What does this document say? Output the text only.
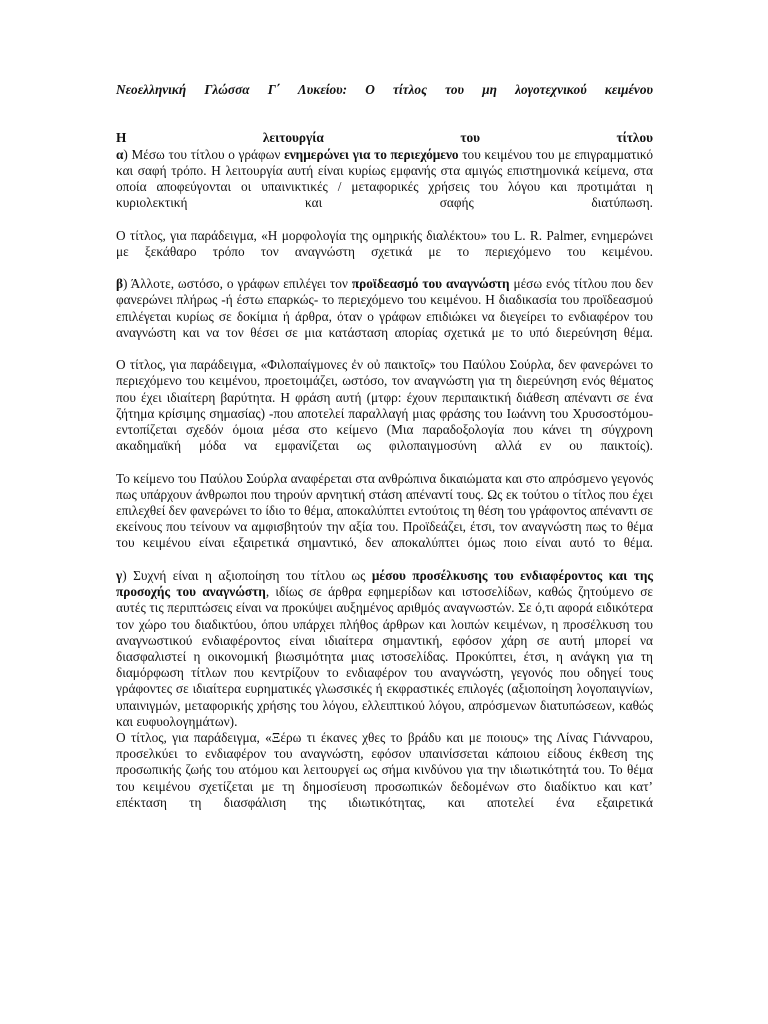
Νεοελληνική Γλώσσα Γ΄ Λυκείου: Ο τίτλος του μη λογοτεχνικού κειμένου
Η	λειτουργία	του	τίτλου

α) Μέσω του τίτλου ο γράφων ενημερώνει για το περιεχόμενο του κειμένου του με επιγραμματικό και σαφή τρόπο. Η λειτουργία αυτή είναι κυρίως εμφανής στα αμιγώς επιστημονικά κείμενα, στα οποία αποφεύγονται οι υπαινικτικές / μεταφορικές χρήσεις του λόγου και προτιμάται η κυριολεκτική και σαφής διατύπωση.

Ο τίτλος, για παράδειγμα, «Η μορφολογία της ομηρικής διαλέκτου» του L. R. Palmer, ενημερώνει με ξεκάθαρο τρόπο τον αναγνώστη σχετικά με το περιεχόμενο του κειμένου.

β) Άλλοτε, ωστόσο, ο γράφων επιλέγει τον προϊδεασμό του αναγνώστη μέσω ενός τίτλου που δεν φανερώνει πλήρως -ή έστω επαρκώς- το περιεχόμενο του κειμένου. Η διαδικασία του προϊδεασμού επιλέγεται κυρίως σε δοκίμια ή άρθρα, όταν ο γράφων επιδιώκει να διεγείρει το ενδιαφέρον του αναγνώστη και να τον θέσει σε μια κατάσταση απορίας σχετικά με το υπό διερεύνηση θέμα.

Ο τίτλος, για παράδειγμα, «Φιλοπαίγμονες ἐν οὐ παικτοῖς» του Παύλου Σούρλα, δεν φανερώνει το περιεχόμενο του κειμένου, προετοιμάζει, ωστόσο, τον αναγνώστη για τη διερεύνηση ενός θέματος που έχει ιδιαίτερη βαρύτητα. Η φράση αυτή (μτφρ: έχουν περιπαικτική διάθεση απέναντι σε ένα ζήτημα κρίσιμης σημασίας) -που αποτελεί παραλλαγή μιας φράσης του Ιωάννη του Χρυσοστόμου- εντοπίζεται σχεδόν όμοια μέσα στο κείμενο (Μια παραδοξολογία που κάνει τη σύγχρονη ακαδημαϊκή μόδα να εμφανίζεται ως φιλοπαιγμοσύνη αλλά εν ου παικτοίς).

Το κείμενο του Παύλου Σούρλα αναφέρεται στα ανθρώπινα δικαιώματα και στο απρόσμενο γεγονός πως υπάρχουν άνθρωποι που τηρούν αρνητική στάση απέναντί τους. Ως εκ τούτου ο τίτλος που έχει επιλεχθεί δεν φανερώνει το ίδιο το θέμα, αποκαλύπτει εντούτοις τη θέση του γράφοντος απέναντι σε εκείνους που τείνουν να αμφισβητούν την αξία του. Προϊδεάζει, έτσι, τον αναγνώστη πως το θέμα του κειμένου είναι εξαιρετικά σημαντικό, δεν αποκαλύπτει όμως ποιο είναι αυτό το θέμα.

γ) Συχνή είναι η αξιοποίηση του τίτλου ως μέσου προσέλκυσης του ενδιαφέροντος και της προσοχής του αναγνώστη, ιδίως σε άρθρα εφημερίδων και ιστοσελίδων, καθώς ζητούμενο σε αυτές τις περιπτώσεις είναι να προκύψει αυξημένος αριθμός αναγνωστών. Σε ό,τι αφορά ειδικότερα τον χώρο του διαδικτύου, όπου υπάρχει πλήθος άρθρων και λοιπών κειμένων, η προσέλκυση του αναγνωστικού ενδιαφέροντος είναι ιδιαίτερα σημαντική, εφόσον χάρη σε αυτή μπορεί να διασφαλιστεί η οικονομική βιωσιμότητα μιας ιστοσελίδας. Προκύπτει, έτσι, η ανάγκη για τη διαμόρφωση τίτλων που κεντρίζουν το ενδιαφέρον του αναγνώστη, γεγονός που οδηγεί τους γράφοντες σε ιδιαίτερα ευρηματικές γλωσσικές ή εκφραστικές επιλογές (αξιοποίηση λογοπαιγνίων, υπαινιγμών, μεταφορικής χρήσης του λόγου, ελλειπτικού λόγου, απρόσμενων διατυπώσεων, καθώς και ευφυολογημάτων).

Ο τίτλος, για παράδειγμα, «Ξέρω τι έκανες χθες το βράδυ και με ποιους» της Λίνας Γιάνναρου, προσελκύει το ενδιαφέρον του αναγνώστη, εφόσον υπαινίσσεται κάποιου είδους έκθεση της προσωπικής ζωής του ατόμου και λειτουργεί ως σήμα κινδύνου για την ιδιωτικότητά του. Το θέμα του κειμένου σχετίζεται με τη δημοσίευση προσωπικών δεδομένων στο διαδίκτυο και κατ’ επέκταση τη διασφάλιση της ιδιωτικότητας, και αποτελεί ένα εξαιρετικά
